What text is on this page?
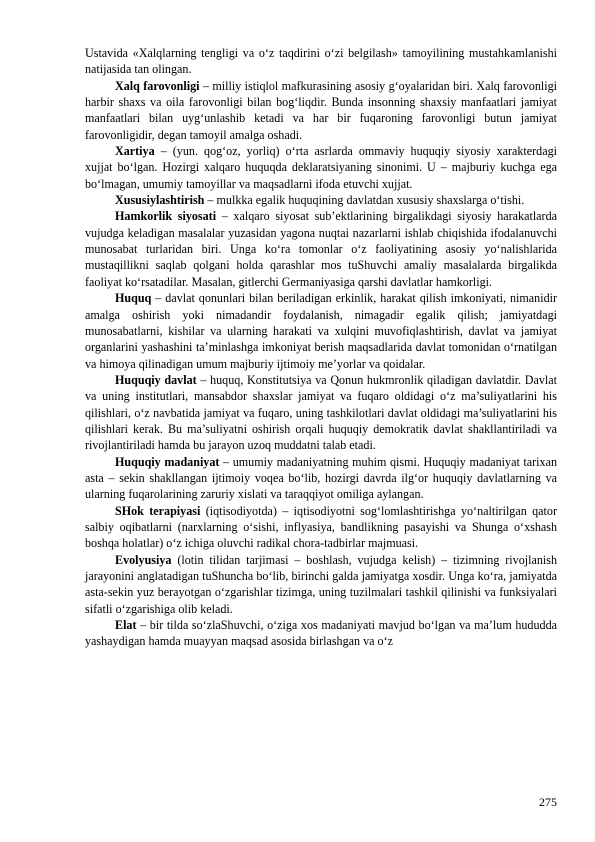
Ustavida «Xalqlarning tengligi va o‘z taqdirini o‘zi belgilash» tamoyilining mustahkamlanishi natijasida tan olingan.

Xalq farovonligi – milliy istiqlol mafkurasining asosiy g‘oyalaridan biri. Xalq farovonligi harbir shaxs va oila farovonligi bilan bog‘liqdir. Bunda insonning shaxsiy manfaatlari jamiyat manfaatlari bilan uyg‘unlashib ketadi va har bir fuqaroning farovonligi butun jamiyat farovonligidir, degan tamoyil amalga oshadi.

Xartiya – (yun. qog‘oz, yorliq) o‘rta asrlarda ommaviy huquqiy siyosiy xarakterdagi xujjat bo‘lgan. Hozirgi xalqaro huquqda deklaratsiyaning sinonimi. U – majburiy kuchga ega bo‘lmagan, umumiy tamoyillar va maqsadlarni ifoda etuvchi xujjat.

Xususiylashtirish – mulkka egalik huquqining davlatdan xususiy shaxslarga o‘tishi.

Hamkorlik siyosati – xalqaro siyosat sub’ektlarining birgalikdagi siyosiy harakatlarda vujudga keladigan masalalar yuzasidan yagona nuqtai nazarlarni ishlab chiqishida ifodalanuvchi munosabat turlaridan biri. Unga ko‘ra tomonlar o‘z faoliyatining asosiy yo‘nalishlarida mustaqillikni saqlab qolgani holda qarashlar mos tuShuvchi amaliy masalalarda birgalikda faoliyat ko‘rsatadilar. Masalan, gitlerchi Germaniyasiga qarshi davlatlar hamkorligi.

Huquq – davlat qonunlari bilan beriladigan erkinlik, harakat qilish imkoniyati, nimanidir amalga oshirish yoki nimadandir foydalanish, nimagadir egalik qilish; jamiyatdagi munosabatlarni, kishilar va ularning harakati va xulqini muvofiqlashtirish, davlat va jamiyat organlarini yashashini ta’minlashga imkoniyat berish maqsadlarida davlat tomonidan o‘rnatilgan va himoya qilinadigan umum majburiy ijtimoiy me’yorlar va qoidalar.

Huquqiy davlat – huquq, Konstitutsiya va Qonun hukmronlik qiladigan davlatdir. Davlat va uning institutlari, mansabdor shaxslar jamiyat va fuqaro oldidagi o‘z ma’suliyatlarini his qilishlari, o‘z navbatida jamiyat va fuqaro, uning tashkilotlari davlat oldidagi ma’suliyatlarini his qilishlari kerak. Bu ma’suliyatni oshirish orqali huquqiy demokratik davlat shakllantiriladi va rivojlantiriladi hamda bu jarayon uzoq muddatni talab etadi.

Huquqiy madaniyat – umumiy madaniyatning muhim qismi. Huquqiy madaniyat tarixan asta – sekin shakllangan ijtimoiy voqea bo‘lib, hozirgi davrda ilg‘or huquqiy davlatlarning va ularning fuqarolarining zaruriy xislati va taraqqiyot omiliga aylangan.

SHok terapiyasi (iqtisodiyotda) – iqtisodiyotni sog‘lomlashtirishga yo‘naltirilgan qator salbiy oqibatlarni (narxlarning o‘sishi, inflyasiya, bandlikning pasayishi va Shunga o‘xshash boshqa holatlar) o‘z ichiga oluvchi radikal chora-tadbirlar majmuasi.

Evolyusiya (lotin tilidan tarjimasi – boshlash, vujudga kelish) – tizimning rivojlanish jarayonini anglatadigan tuShuncha bo‘lib, birinchi galda jamiyatga xosdir. Unga ko‘ra, jamiyatda asta-sekin yuz berayotgan o‘zgarishlar tizimga, uning tuzilmalari tashkil qilinishi va funksiyalari sifatli o‘zgarishiga olib keladi.

Elat – bir tilda so‘zlaShuvchi, o‘ziga xos madaniyati mavjud bo‘lgan va ma’lum hududda yashaydigan hamda muayyan maqsad asosida birlashgan va o‘z

275
